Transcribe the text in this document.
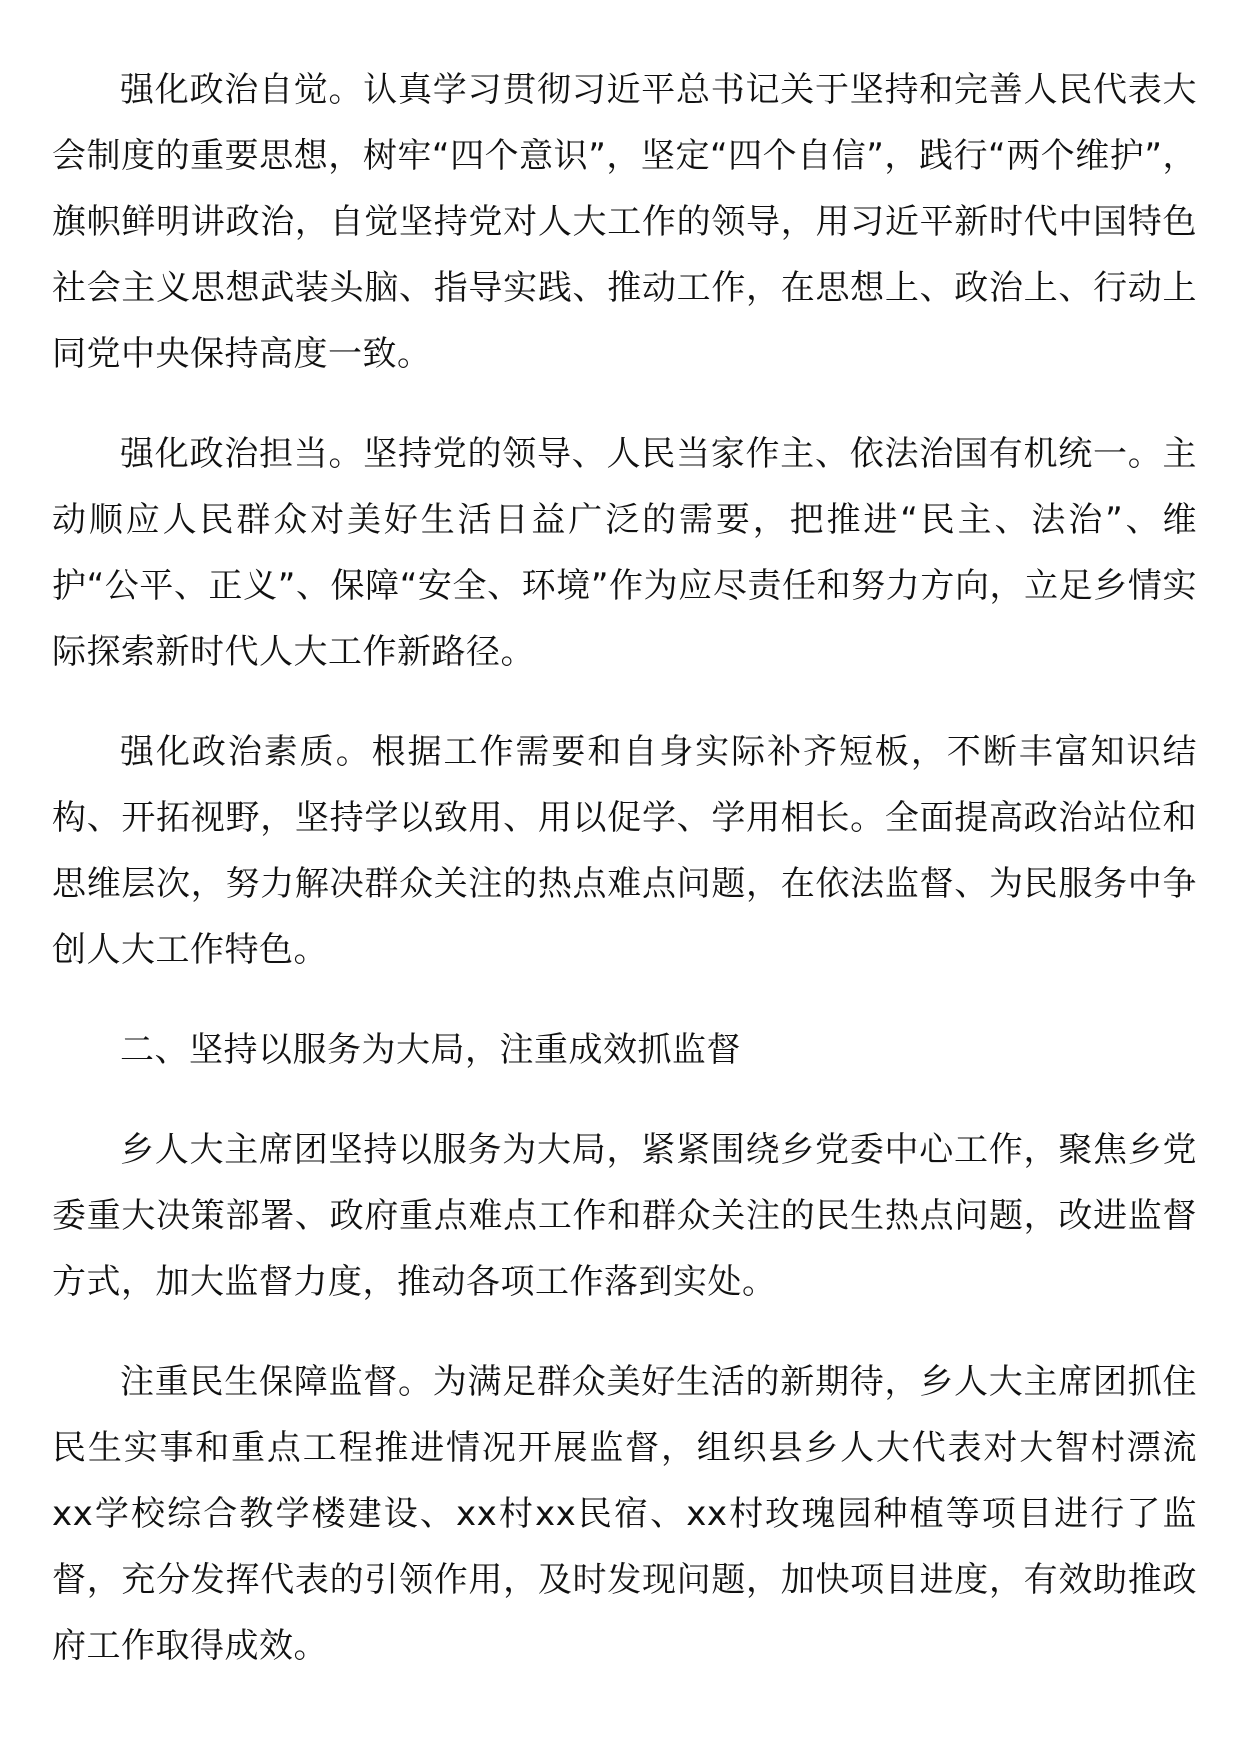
强化政治自觉。认真学习贯彻习近平总书记关于坚持和完善人民代表大会制度的重要思想，树牢“四个意识”，坚定“四个自信”，践行“两个维护”，旗帜鲜明讲政治，自觉坚持党对人大工作的领导，用习近平新时代中国特色社会主义思想武装头脑、指导实践、推动工作，在思想上、政治上、行动上同党中央保持高度一致。

强化政治担当。坚持党的领导、人民当家作主、依法治国有机统一。主动顺应人民群众对美好生活日益广泛的需要，把推进“民主、法治”、维护“公平、正义”、保障“安全、环境”作为应尽责任和努力方向，立足乡情实际探索新时代人大工作新路径。

强化政治素质。根据工作需要和自身实际补齐短板，不断丰富知识结构、开拓视野，坚持学以致用、用以促学、学用相长。全面提高政治站位和思维层次，努力解决群众关注的热点难点问题，在依法监督、为民服务中争创人大工作特色。

二、坚持以服务为大局，注重成效抓监督

乡人大主席团坚持以服务为大局，紧紧围绕乡党委中心工作，聚焦乡党委重大决策部署、政府重点难点工作和群众关注的民生热点问题，改进监督方式，加大监督力度，推动各项工作落到实处。

注重民生保障监督。为满足群众美好生活的新期待，乡人大主席团抓住民生实事和重点工程推进情况开展监督，组织县乡人大代表对大智村漂流xx学校综合教学楼建设、xx村xx民宿、xx村玫瑰园种植等项目进行了监督，充分发挥代表的引领作用，及时发现问题，加快项目进度，有效助推政府工作取得成效。
